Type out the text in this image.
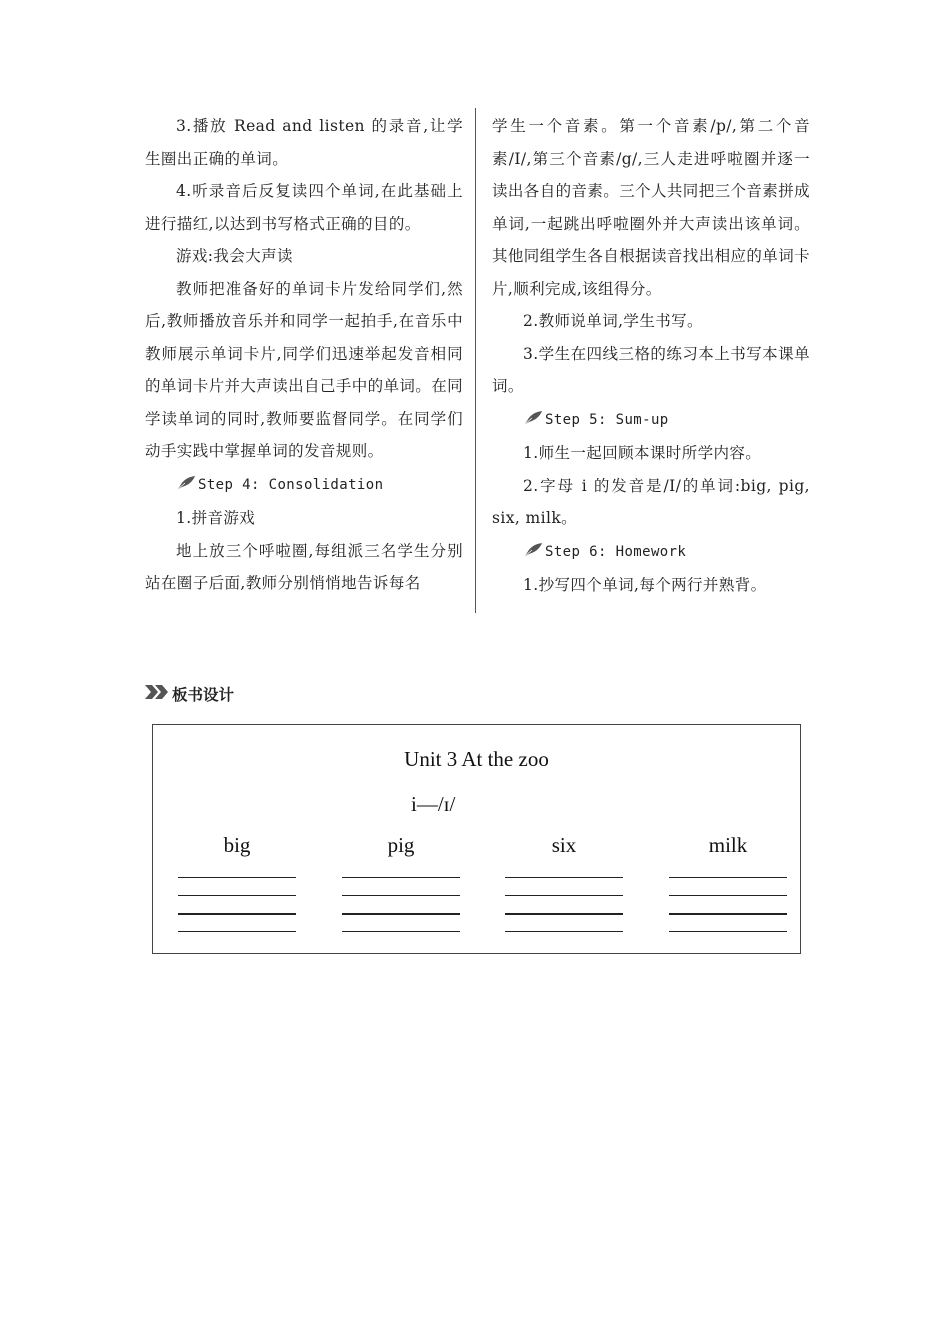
3.播放 Read and listen 的录音,让学生圈出正确的单词。

4.听录音后反复读四个单词,在此基础上进行描红,以达到书写格式正确的目的。

游戏:我会大声读

教师把准备好的单词卡片发给同学们,然后,教师播放音乐并和同学一起拍手,在音乐中教师展示单词卡片,同学们迅速举起发音相同的单词卡片并大声读出自己手中的单词。在同学读单词的同时,教师要监督同学。在同学们动手实践中掌握单词的发音规则。

Step 4: Consolidation

1.拼音游戏

地上放三个呼啦圈,每组派三名学生分别站在圈子后面,教师分别悄悄地告诉每名

学生一个音素。第一个音素/p/,第二个音素/I/,第三个音素/g/,三人走进呼啦圈并逐一读出各自的音素。三个人共同把三个音素拼成单词,一起跳出呼啦圈外并大声读出该单词。其他同组学生各自根据读音找出相应的单词卡片,顺利完成,该组得分。

2.教师说单词,学生书写。

3.学生在四线三格的练习本上书写本课单词。

Step 5: Sum-up

1.师生一起回顾本课时所学内容。

2.字母 i 的发音是/I/的单词:big, pig, six, milk。

Step 6: Homework

1.抄写四个单词,每个两行并熟背。

板书设计
Unit 3 At the zoo
i—/ɪ/
big	pig	six	milk
